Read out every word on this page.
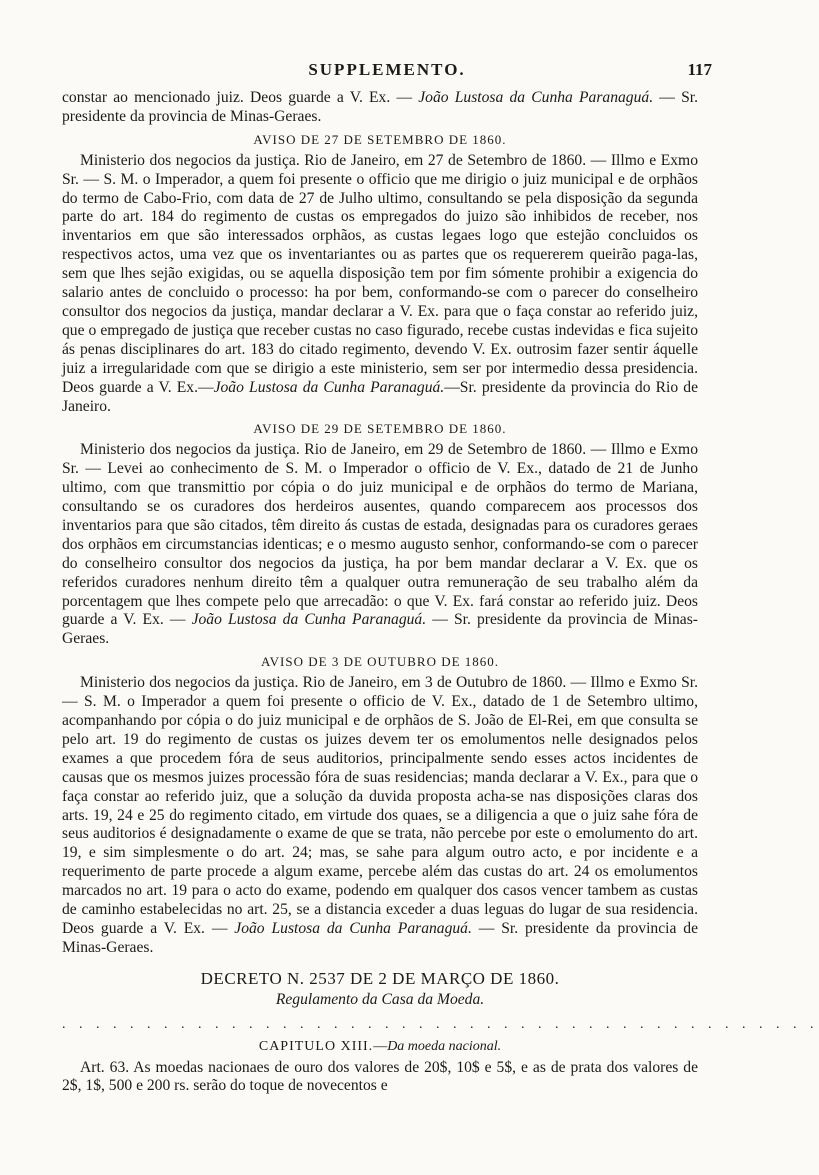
SUPPLEMENTO.	117

constar ao mencionado juiz. Deos guarde a V. Ex. — João Lustosa da Cunha Paranaguá. — Sr. presidente da provincia de Minas-Geraes.

AVISO DE 27 DE SETEMBRO DE 1860.

Ministerio dos negocios da justiça. Rio de Janeiro, em 27 de Setembro de 1860. — Illmo e Exmo Sr. — S. M. o Imperador, a quem foi presente o officio que me dirigio o juiz municipal e de orphãos do termo de Cabo-Frio, com data de 27 de Julho ultimo, consultando se pela disposição da segunda parte do art. 184 do regimento de custas os empregados do juizo são inhibidos de receber, nos inventarios em que são interessados orphãos, as custas legaes logo que estejão concluidos os respectivos actos, uma vez que os inventariantes ou as partes que os requererem queirão paga-las, sem que lhes sejão exigidas, ou se aquella disposição tem por fim sómente prohibir a exigencia do salario antes de concluido o processo: ha por bem, conformando-se com o parecer do conselheiro consultor dos negocios da justiça, mandar declarar a V. Ex. para que o faça constar ao referido juiz, que o empregado de justiça que receber custas no caso figurado, recebe custas indevidas e fica sujeito ás penas disciplinares do art. 183 do citado regimento, devendo V. Ex. outrosim fazer sentir áquelle juiz a irregularidade com que se dirigio a este ministerio, sem ser por intermedio dessa presidencia. Deos guarde a V. Ex.—João Lustosa da Cunha Paranaguá.—Sr. presidente da provincia do Rio de Janeiro.

AVISO DE 29 DE SETEMBRO DE 1860.

Ministerio dos negocios da justiça. Rio de Janeiro, em 29 de Setembro de 1860. — Illmo e Exmo Sr. — Levei ao conhecimento de S. M. o Imperador o officio de V. Ex., datado de 21 de Junho ultimo, com que transmittio por cópia o do juiz municipal e de orphãos do termo de Mariana, consultando se os curadores dos herdeiros ausentes, quando comparecem aos processos dos inventarios para que são citados, têm direito ás custas de estada, designadas para os curadores geraes dos orphãos em circumstancias identicas; e o mesmo augusto senhor, conformando-se com o parecer do conselheiro consultor dos negocios da justiça, ha por bem mandar declarar a V. Ex. que os referidos curadores nenhum direito têm a qualquer outra remuneração de seu trabalho além da porcentagem que lhes compete pelo que arrecadão: o que V. Ex. fará constar ao referido juiz. Deos guarde a V. Ex. — João Lustosa da Cunha Paranaguá. — Sr. presidente da provincia de Minas-Geraes.

AVISO DE 3 DE OUTUBRO DE 1860.

Ministerio dos negocios da justiça. Rio de Janeiro, em 3 de Outubro de 1860. — Illmo e Exmo Sr. — S. M. o Imperador a quem foi presente o officio de V. Ex., datado de 1 de Setembro ultimo, acompanhando por cópia o do juiz municipal e de orphãos de S. João de El-Rei, em que consulta se pelo art. 19 do regimento de custas os juizes devem ter os emolumentos nelle designados pelos exames a que procedem fóra de seus auditorios, principalmente sendo esses actos incidentes de causas que os mesmos juizes processão fóra de suas residencias; manda declarar a V. Ex., para que o faça constar ao referido juiz, que a solução da duvida proposta acha-se nas disposições claras dos arts. 19, 24 e 25 do regimento citado, em virtude dos quaes, se a diligencia a que o juiz sahe fóra de seus auditorios é designadamente o exame de que se trata, não percebe por este o emolumento do art. 19, e sim simplesmente o do art. 24; mas, se sahe para algum outro acto, e por incidente e a requerimento de parte procede a algum exame, percebe além das custas do art. 24 os emolumentos marcados no art. 19 para o acto do exame, podendo em qualquer dos casos vencer tambem as custas de caminho estabelecidas no art. 25, se a distancia exceder a duas leguas do lugar de sua residencia. Deos guarde a V. Ex. — João Lustosa da Cunha Paranaguá. — Sr. presidente da provincia de Minas-Geraes.

DECRETO N. 2537 DE 2 DE MARÇO DE 1860.
Regulamento da Casa da Moeda.
. . . . . . . . . . . . . . . . . . . . . . . . . . . . . . . . . . . . . . . . . . . . .
CAPITULO XIII.—Da moeda nacional.

Art. 63. As moedas nacionaes de ouro dos valores de 20$, 10$ e 5$, e as de prata dos valores de 2$, 1$, 500 e 200 rs. serão do toque de novecentos e
